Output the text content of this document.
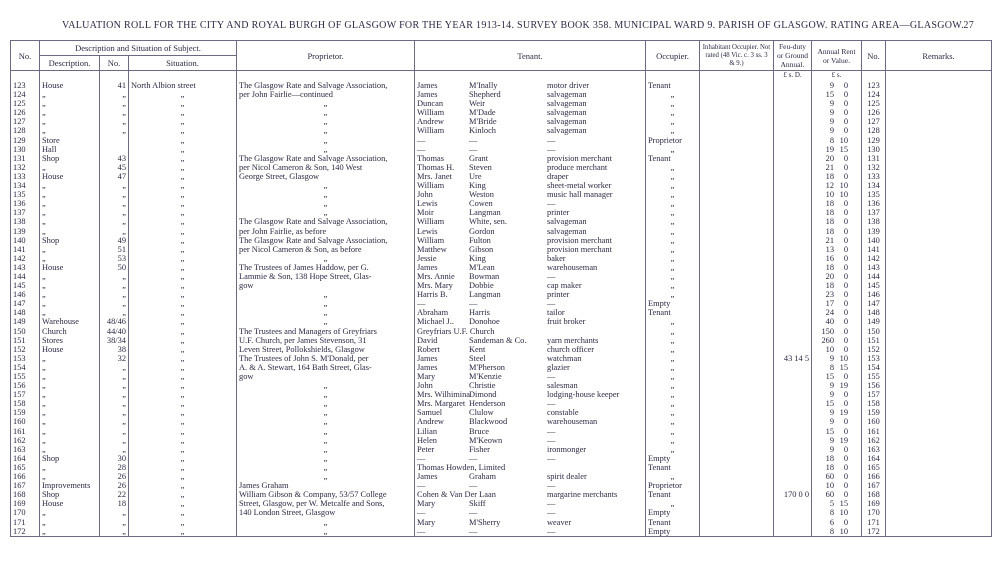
VALUATION ROLL FOR THE CITY AND ROYAL BURGH OF GLASGOW FOR THE YEAR 1913-14. SURVEY BOOK 358. MUNICIPAL WARD 9. PARISH OF GLASGOW. RATING AREA—GLASGOW. 27
No.	Description and Situation of Subject.			Proprietor.	Tenant.	Occupier.	Inhabitant Occupier. Not rated (48 Vic. c. 3 ss. 3 & 9.)	Feu-duty or Ground Annual.	Annual Rent or Value.	No.	Remarks.
	Description.	No.	Situation.								
								£ s. D.	£ s.		
123	House	41	North Albion street	The Glasgow Rate and Salvage Association,	James M'Inally motor driver	Tenant			9 0	123	
124	„	„	„	per John Fairlie—continued	James Shepherd salvageman	„			15 0	124	
125	„	„	„	„	Duncan Weir salvageman	„			9 0	125	
126	„	„	„	„	William M'Dade salvageman	„			9 0	126	
127	„	„	„	„	Andrew M'Bride salvageman	„			9 0	127	
128	„	„	„	„	William Kinloch salvageman	„			9 0	128	
129	Store		„	„	— — —	Proprietor			8 10	129	
130	Hall		„	„	— — —	„			19 15	130	
131	Shop	43	„	The Glasgow Rate and Salvage Association,	Thomas Grant provision merchant	Tenant			20 0	131	
132	„	45	„	per Nicol Cameron & Son, 140 West	Thomas H. Steven produce merchant	„			21 0	132	
133	House	47	„	George Street, Glasgow	Mrs. Janet Ure draper	„			18 0	133	
134	„	„	„	„	William King sheet-metal worker	„			12 10	134	
135	„	„	„	„	John Weston music hall manager	„			10 10	135	
136	„	„	„	„	Lewis Cowen —	„			18 0	136	
137	„	„	„	„	Moir Langman printer	„			18 0	137	
138	„	„	„	The Glasgow Rate and Salvage Association,	William White, sen. salvageman	„			18 0	138	
139	„	„	„	per John Fairlie, as before	Lewis Gordon salvageman	„			18 0	139	
140	Shop	49	„	The Glasgow Rate and Salvage Association,	William Fulton provision merchant	„			21 0	140	
141	„	51	„	per Nicol Cameron & Son, as before	Matthew Gibson provision merchant	„			13 0	141	
142	„	53	„	„	Jessie King baker	„			16 0	142	
143	House	50	„	The Trustees of James Haddow, per G.	James M'Lean warehouseman	„			18 0	143	
144	„	„	„	Lammie & Son, 138 Hope Street, Glas-	Mrs. Annie Bowman —	„			20 0	144	
145	„	„	„	gow	Mrs. Mary Dobbie cap maker	„			18 0	145	
146	„	„	„	„	Harris B. Langman printer	„			23 0	146	
147	„	„	„	„	— — —	Empty			17 0	147	
148	„	„	„	„	Abraham Harris tailor	Tenant			24 0	148	
149	Warehouse	48/46	„	„	Michael J.. Donohoe fruit broker	„			40 0	149	
150	Church	44/40	„	The Trustees and Managers of Greyfriars	Greyfriars U.F. Church	„			150 0	150	
151	Stores	38/34	„	U.F. Church, per James Stevenson, 31	David Sandeman & Co. yarn merchants	„			260 0	151	
152	House	38	„	Leven Street, Pollokshields, Glasgow	Robert Kent church officer	„			10 0	152	
153	„	32	„	The Trustees of John S. M'Donald, per	James Steel watchman	„		43 14 5	9 10	153	
154	„	„	„	A. & A. Stewart, 164 Bath Street, Glas-	James M'Pherson glazier	„			8 15	154	
155	„	„	„	gow	Mary M'Kenzie —	„			15 0	155	
156	„	„	„	„	John Christie salesman	„			9 19	156	
157	„	„	„	„	Mrs. WilhiminaDimond lodging-house keeper	„			9 0	157	
158	„	„	„	„	Mrs. Margaret Henderson —	„			15 0	158	
159	„	„	„	„	Samuel Clulow constable	„			9 19	159	
160	„	„	„	„	Andrew Blackwood warehouseman	„			9 0	160	
161	„	„	„	„	Lilian Bruce —	„			15 0	161	
162	„	„	„	„	Helen M'Keown —	„			9 19	162	
163	„	„	„	„	Peter Fisher ironmonger	„			9 0	163	
164	Shop	30	„	„	— — —	Empty			18 0	164	
165	„	28	„	„	Thomas Howden, Limited	Tenant			18 0	165	
166	„	26	„	„	James Graham spirit dealer	„			60 0	166	
167	Improvements	26	„	James Graham	— — —	Proprietor			10 0	167	
168	Shop	22	„	William Gibson & Company, 53/57 College	Cohen & Van Der Laan margarine merchants	Tenant		170 0 0	60 0	168	
169	House	18	„	Street, Glasgow, per W. Metcalfe and Sons,	Mary Skiff —	„			5 15	169	
170	„	„	„	140 London Street, Glasgow	— — —	Empty			8 10	170	
171	„	„	„	„	Mary M'Sherry weaver	Tenant			6 0	171	
172	„	„	„	„	— — —	Empty			8 10	172	
